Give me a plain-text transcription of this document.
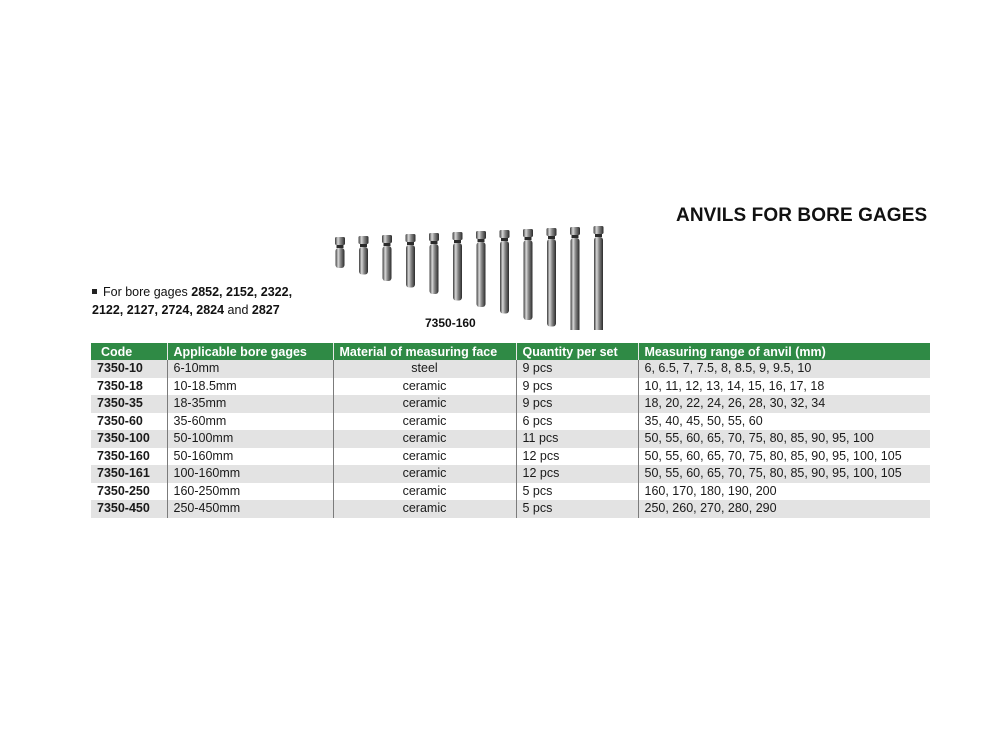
ANVILS FOR BORE GAGES
For bore gages 2852, 2152, 2322,
2122, 2127, 2724, 2824 and 2827
7350-160
Code	Applicable bore gages	Material of measuring face	Quantity per set	Measuring range of anvil (mm)
7350-10	6-10mm	steel	9 pcs	6, 6.5, 7, 7.5, 8, 8.5, 9, 9.5, 10
7350-18	10-18.5mm	ceramic	9 pcs	10, 11, 12, 13, 14, 15, 16, 17, 18
7350-35	18-35mm	ceramic	9 pcs	18, 20, 22, 24, 26, 28, 30, 32, 34
7350-60	35-60mm	ceramic	6 pcs	35, 40, 45, 50, 55, 60
7350-100	50-100mm	ceramic	11 pcs	50, 55, 60, 65, 70, 75, 80, 85, 90, 95, 100
7350-160	50-160mm	ceramic	12 pcs	50, 55, 60, 65, 70, 75, 80, 85, 90, 95, 100, 105
7350-161	100-160mm	ceramic	12 pcs	50, 55, 60, 65, 70, 75, 80, 85, 90, 95, 100, 105
7350-250	160-250mm	ceramic	5 pcs	160, 170, 180, 190, 200
7350-450	250-450mm	ceramic	5 pcs	250, 260, 270, 280, 290
